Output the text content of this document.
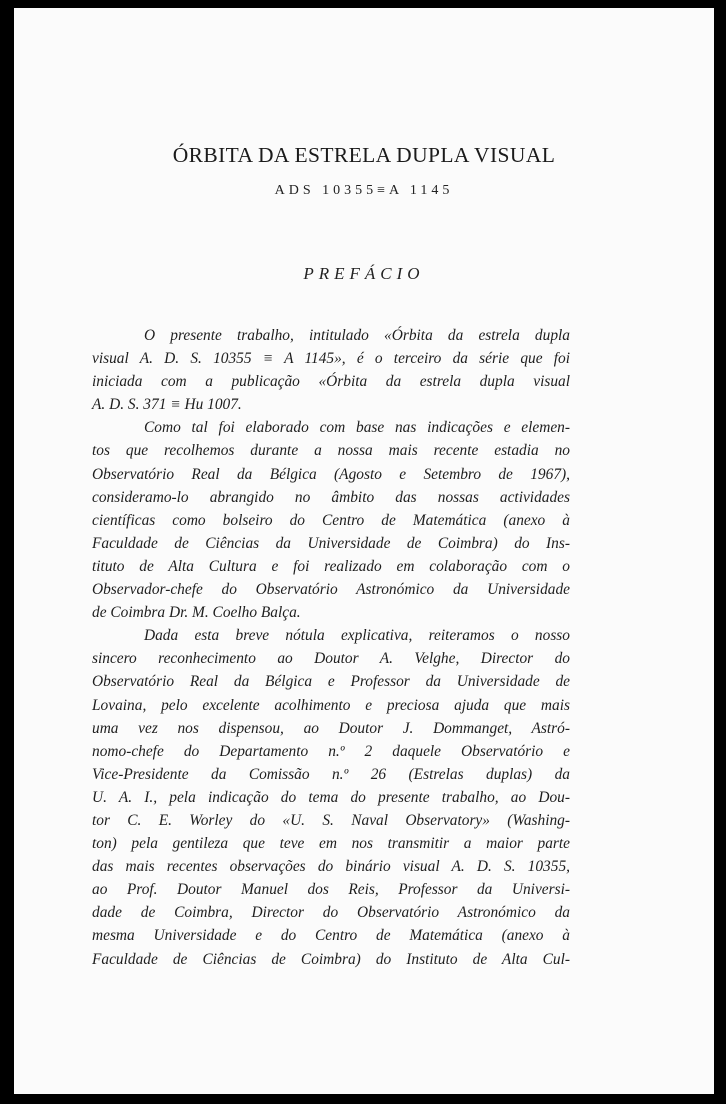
ÓRBITA DA ESTRELA DUPLA VISUAL
ADS 10355≡A 1145
PREFÁCIO
O presente trabalho, intitulado «Órbita da estrela dupla
visual A. D. S. 10355 ≡ A 1145», é o terceiro da série que foi
iniciada com a publicação «Órbita da estrela dupla visual
A. D. S. 371 ≡ Hu 1007.
Como tal foi elaborado com base nas indicações e elemen-
tos que recolhemos durante a nossa mais recente estadia no
Observatório Real da Bélgica (Agosto e Setembro de 1967),
consideramo-lo abrangido no âmbito das nossas actividades
científicas como bolseiro do Centro de Matemática (anexo à
Faculdade de Ciências da Universidade de Coimbra) do Ins-
tituto de Alta Cultura e foi realizado em colaboração com o
Observador-chefe do Observatório Astronómico da Universidade
de Coimbra Dr. M. Coelho Balça.
Dada esta breve nótula explicativa, reiteramos o nosso
sincero reconhecimento ao Doutor A. Velghe, Director do
Observatório Real da Bélgica e Professor da Universidade de
Lovaina, pelo excelente acolhimento e preciosa ajuda que mais
uma vez nos dispensou, ao Doutor J. Dommanget, Astró-
nomo-chefe do Departamento n.º 2 daquele Observatório e
Vice-Presidente da Comissão n.º 26 (Estrelas duplas) da
U. A. I., pela indicação do tema do presente trabalho, ao Dou-
tor C. E. Worley do «U. S. Naval Observatory» (Washing-
ton) pela gentileza que teve em nos transmitir a maior parte
das mais recentes observações do binário visual A. D. S. 10355,
ao Prof. Doutor Manuel dos Reis, Professor da Universi-
dade de Coimbra, Director do Observatório Astronómico da
mesma Universidade e do Centro de Matemática (anexo à
Faculdade de Ciências de Coimbra) do Instituto de Alta Cul-
